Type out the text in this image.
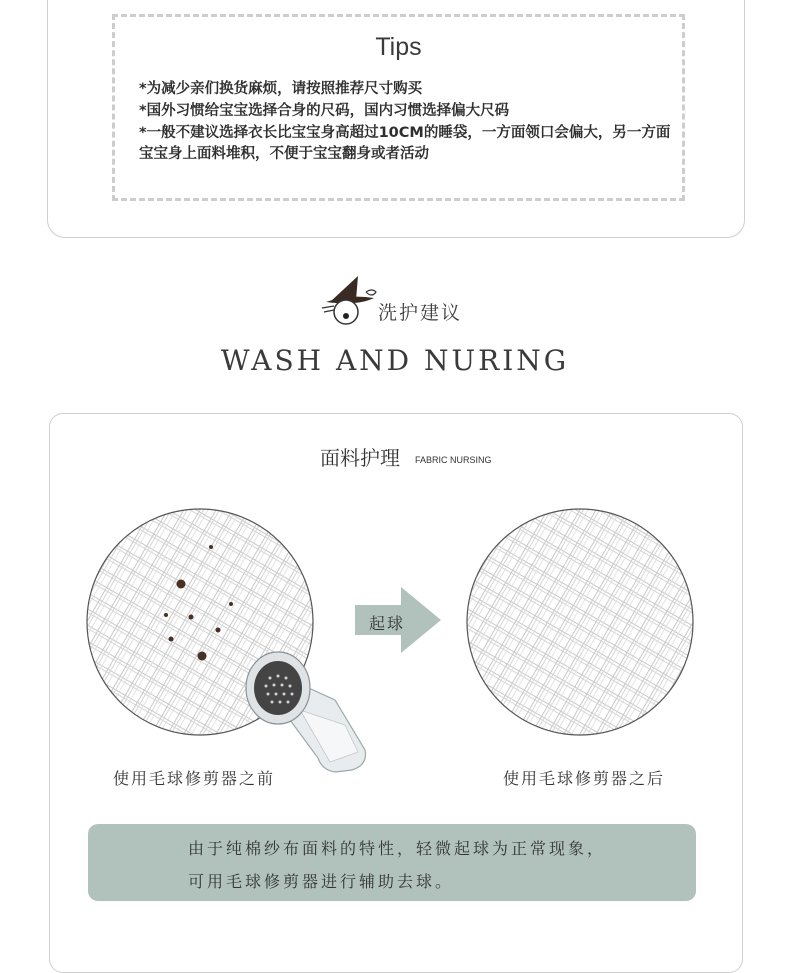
Tips
*为减少亲们换货麻烦，请按照推荐尺寸购买
*国外习惯给宝宝选择合身的尺码，国内习惯选择偏大尺码
*一般不建议选择衣长比宝宝身高超过10CM的睡袋，一方面领口会偏大，另一方面宝宝身上面料堆积，不便于宝宝翻身或者活动
洗护建议
WASH AND NURING
面料护理 FABRIC NURSING
起球
使用毛球修剪器之前	使用毛球修剪器之后
由于纯棉纱布面料的特性，轻微起球为正常现象，
可用毛球修剪器进行辅助去球。
